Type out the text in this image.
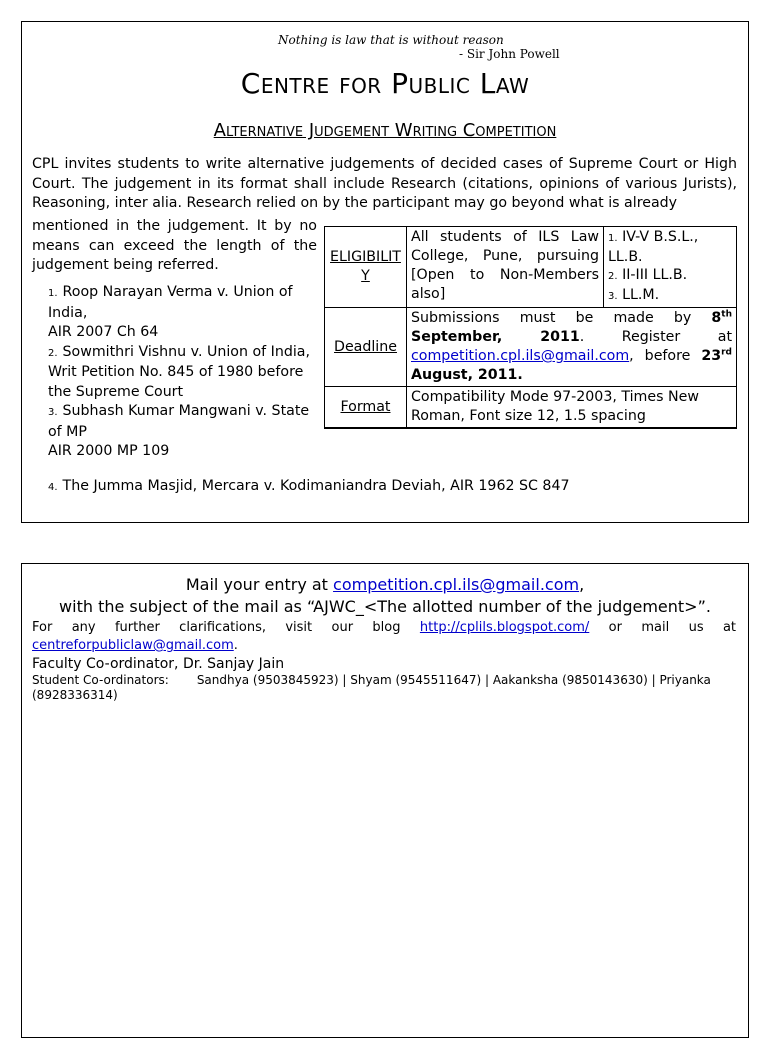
Nothing is law that is without reason
- Sir John Powell
Centre for Public Law
Alternative Judgement Writing Competition
CPL invites students to write alternative judgements of decided cases of Supreme Court or High Court. The judgement in its format shall include Research (citations, opinions of various Jurists), Reasoning, inter alia. Research relied on by the participant may go beyond what is already
mentioned in the judgement. It by no means can exceed the length of the judgement being referred.
1. Roop Narayan Verma v. Union of India,
AIR 2007 Ch 64
2. Sowmithri Vishnu v. Union of India,
Writ Petition No. 845 of 1980 before the Supreme Court
3. Subhash Kumar Mangwani v. State of MP
AIR 2000 MP 109
4. The Jumma Masjid, Mercara v. Kodimaniandra Deviah, AIR 1962 SC 847
ELIGIBILITY	All students of ILS Law College, Pune, pursuing [Open to Non-Members also]	1. IV-V B.S.L., LL.B.
2. II-III LL.B.
3. LL.M.

Deadline	Submissions must be made by 8th September, 2011. Register at competition.cpl.ils@gmail.com, before 23rd August, 2011.	
Format	Compatibility Mode 97-2003, Times New Roman, Font size 12, 1.5 spacing	
Mail your entry at competition.cpl.ils@gmail.com,
with the subject of the mail as “AJWC_<The allotted number of the judgement>”.
For any further clarifications, visit our blog http://cplils.blogspot.com/ or mail us at centreforpubliclaw@gmail.com.
Faculty Co-ordinator, Dr. Sanjay Jain
Student Co-ordinators: Sandhya (9503845923) | Shyam (9545511647) | Aakanksha (9850143630) | Priyanka (8928336314)
